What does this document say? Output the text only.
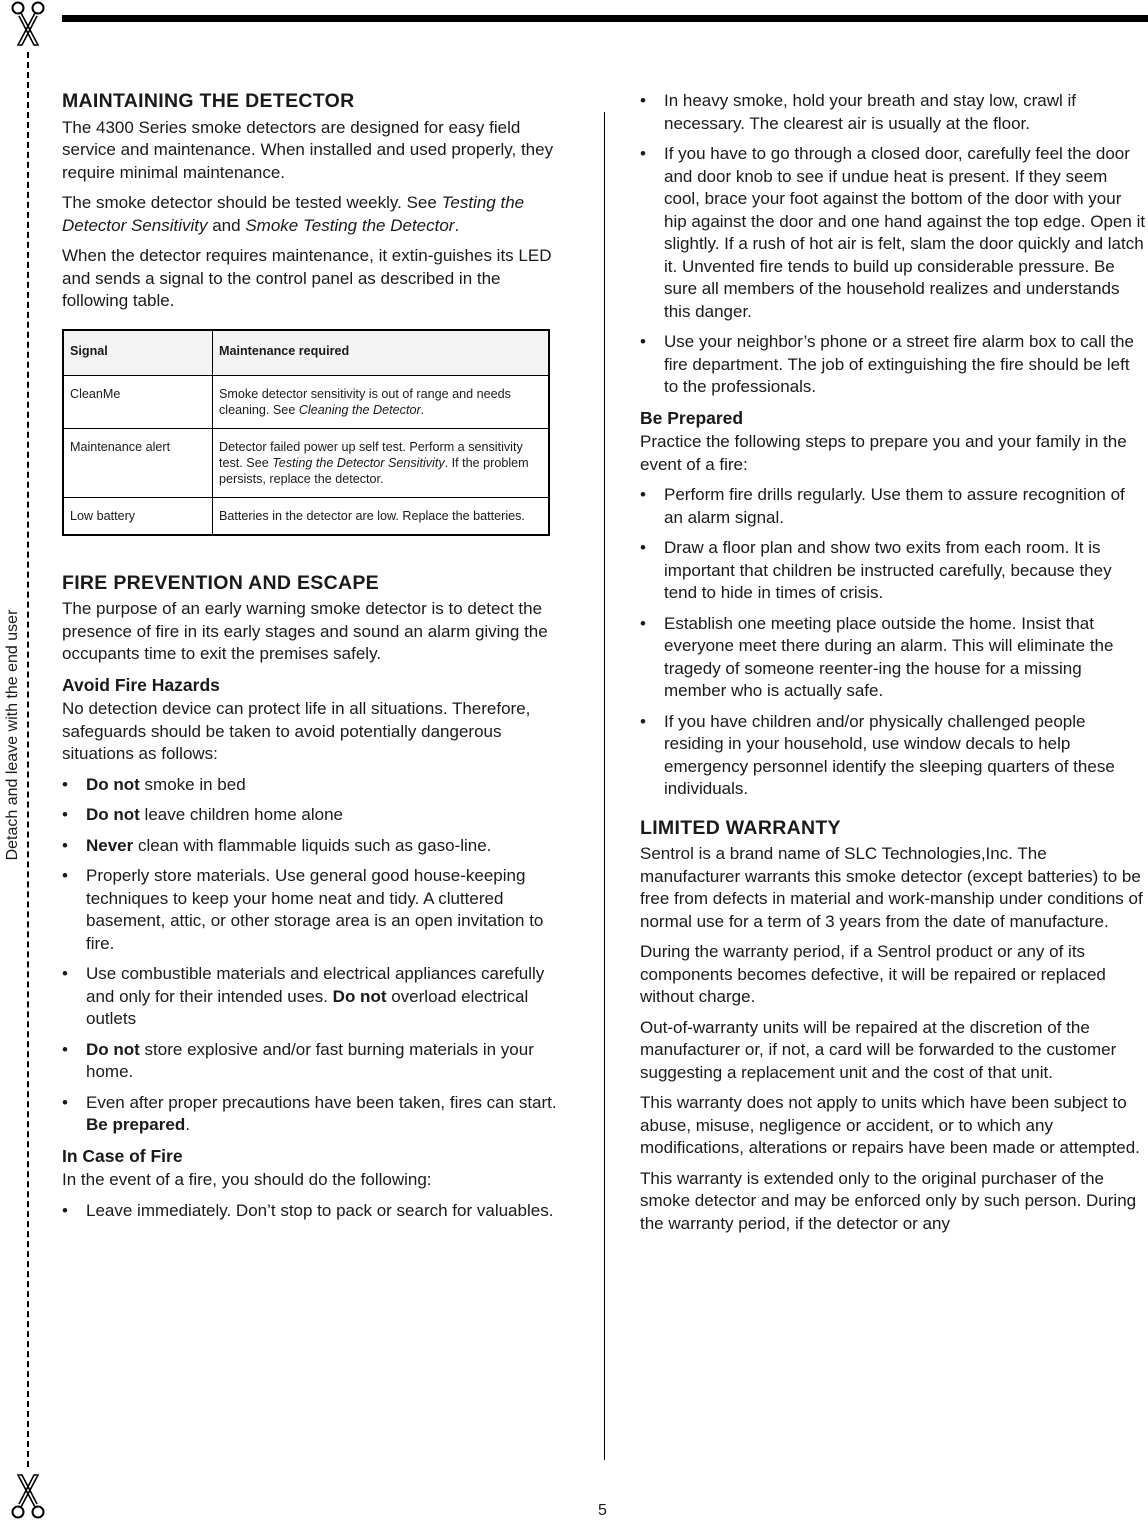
Detach and leave with the end user
MAINTAINING THE DETECTOR
The 4300 Series smoke detectors are designed for easy field service and maintenance. When installed and used properly, they require minimal maintenance.
The smoke detector should be tested weekly. See Testing the Detector Sensitivity and Smoke Testing the Detector.
When the detector requires maintenance, it extin-guishes its LED and sends a signal to the control panel as described in the following table.
Signal	Maintenance required
CleanMe	Smoke detector sensitivity is out of range and needs cleaning. See Cleaning the Detector.
Maintenance alert	Detector failed power up self test. Perform a sensitivity test. See Testing the Detector Sensitivity. If the problem persists, replace the detector.
Low battery	Batteries in the detector are low. Replace the batteries.
FIRE PREVENTION AND ESCAPE
The purpose of an early warning smoke detector is to detect the presence of fire in its early stages and sound an alarm giving the occupants time to exit the premises safely.
Avoid Fire Hazards
No detection device can protect life in all situations. Therefore, safeguards should be taken to avoid potentially dangerous situations as follows:
• Do not smoke in bed
• Do not leave children home alone
• Never clean with flammable liquids such as gaso-line.
• Properly store materials. Use general good house-keeping techniques to keep your home neat and tidy. A cluttered basement, attic, or other storage area is an open invitation to fire.
• Use combustible materials and electrical appliances carefully and only for their intended uses. Do not overload electrical outlets
• Do not store explosive and/or fast burning materials in your home.
• Even after proper precautions have been taken, fires can start. Be prepared.
In Case of Fire
In the event of a fire, you should do the following:
• Leave immediately. Don’t stop to pack or search for valuables.
• In heavy smoke, hold your breath and stay low, crawl if necessary. The clearest air is usually at the floor.
• If you have to go through a closed door, carefully feel the door and door knob to see if undue heat is present. If they seem cool, brace your foot against the bottom of the door with your hip against the door and one hand against the top edge. Open it slightly. If a rush of hot air is felt, slam the door quickly and latch it. Unvented fire tends to build up considerable pressure. Be sure all members of the household realizes and understands this danger.
• Use your neighbor’s phone or a street fire alarm box to call the fire department. The job of extinguishing the fire should be left to the professionals.
Be Prepared
Practice the following steps to prepare you and your family in the event of a fire:
• Perform fire drills regularly. Use them to assure recognition of an alarm signal.
• Draw a floor plan and show two exits from each room. It is important that children be instructed carefully, because they tend to hide in times of crisis.
• Establish one meeting place outside the home. Insist that everyone meet there during an alarm. This will eliminate the tragedy of someone reenter-ing the house for a missing member who is actually safe.
• If you have children and/or physically challenged people residing in your household, use window decals to help emergency personnel identify the sleeping quarters of these individuals.
LIMITED WARRANTY
Sentrol is a brand name of SLC Technologies,Inc. The manufacturer warrants this smoke detector (except batteries) to be free from defects in material and work-manship under conditions of normal use for a term of 3 years from the date of manufacture.
During the warranty period, if a Sentrol product or any of its components becomes defective, it will be repaired or replaced without charge.
Out-of-warranty units will be repaired at the discretion of the manufacturer or, if not, a card will be forwarded to the customer suggesting a replacement unit and the cost of that unit.
This warranty does not apply to units which have been subject to abuse, misuse, negligence or accident, or to which any modifications, alterations or repairs have been made or attempted.
This warranty is extended only to the original purchaser of the smoke detector and may be enforced only by such person. During the warranty period, if the detector or any
5
